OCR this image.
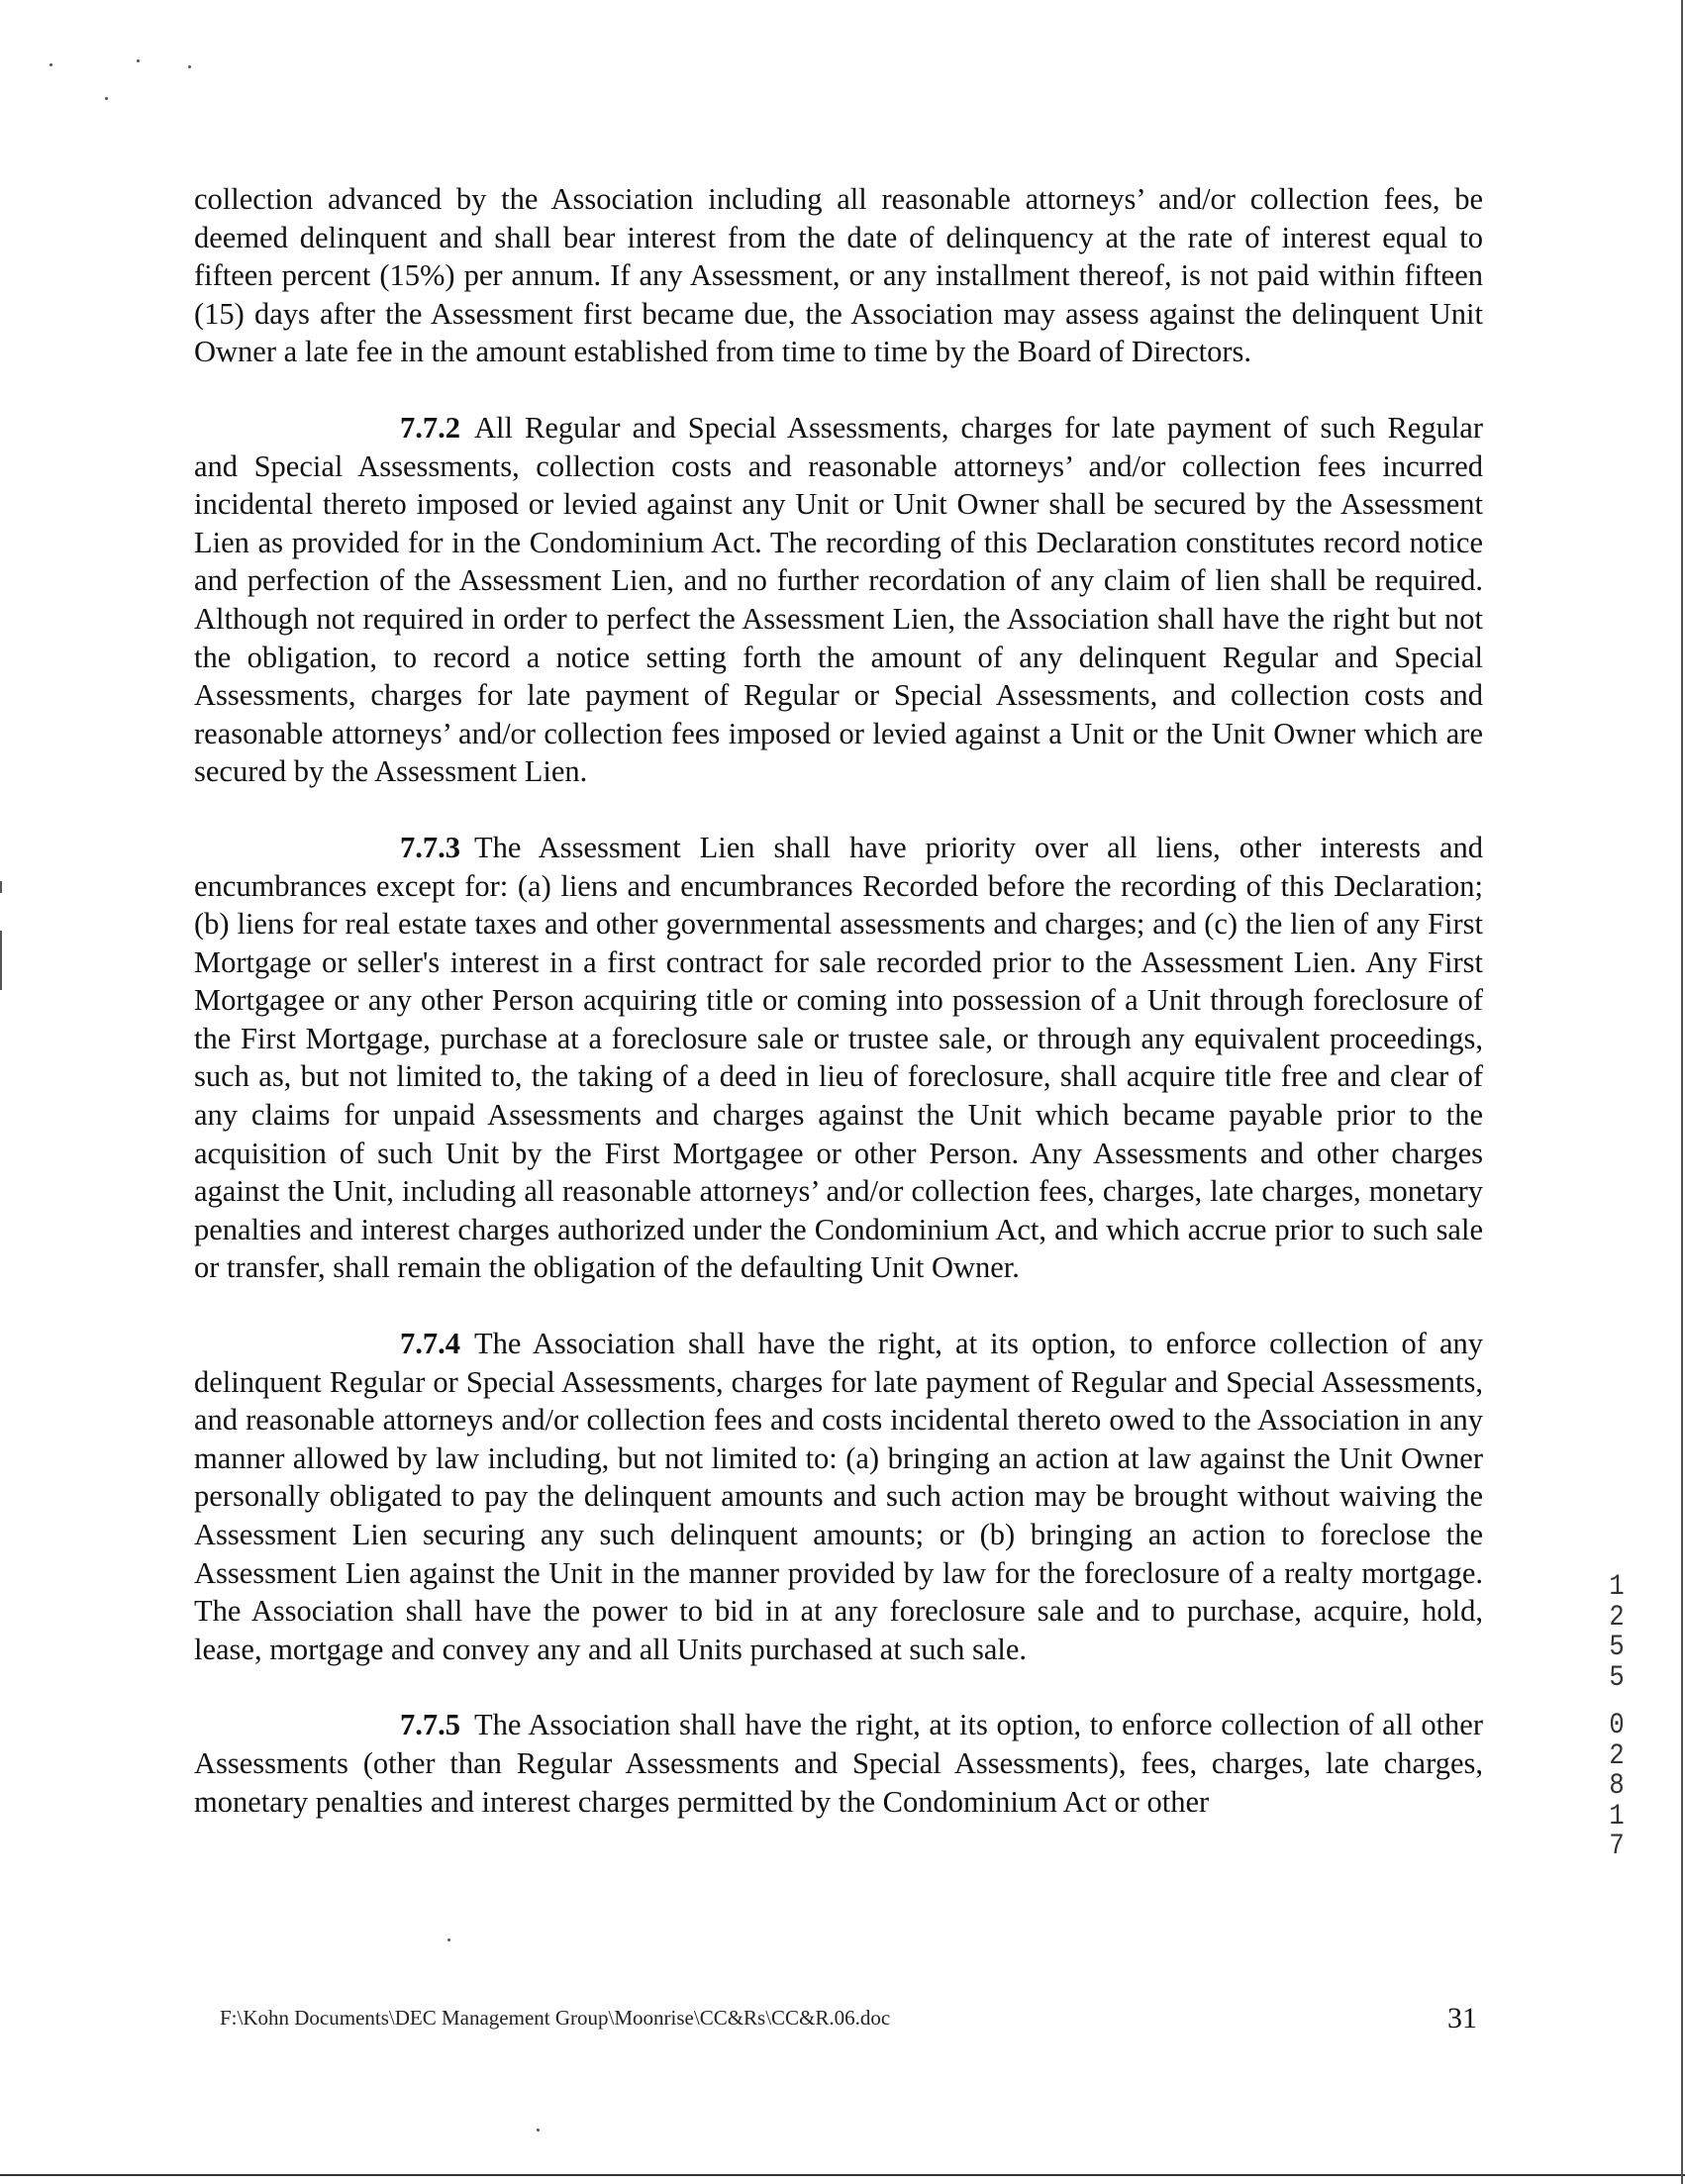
collection advanced by the Association including all reasonable attorneys’ and/or collection fees, be deemed delinquent and shall bear interest from the date of delinquency at the rate of interest equal to fifteen percent (15%) per annum. If any Assessment, or any installment thereof, is not paid within fifteen (15) days after the Assessment first became due, the Association may assess against the delinquent Unit Owner a late fee in the amount established from time to time by the Board of Directors.

7.7.2 All Regular and Special Assessments, charges for late payment of such Regular and Special Assessments, collection costs and reasonable attorneys’ and/or collection fees incurred incidental thereto imposed or levied against any Unit or Unit Owner shall be secured by the Assessment Lien as provided for in the Condominium Act. The recording of this Declaration constitutes record notice and perfection of the Assessment Lien, and no further recordation of any claim of lien shall be required. Although not required in order to perfect the Assessment Lien, the Association shall have the right but not the obligation, to record a notice setting forth the amount of any delinquent Regular and Special Assessments, charges for late payment of Regular or Special Assessments, and collection costs and reasonable attorneys’ and/or collection fees imposed or levied against a Unit or the Unit Owner which are secured by the Assessment Lien.

7.7.3 The Assessment Lien shall have priority over all liens, other interests and encumbrances except for: (a) liens and encumbrances Recorded before the recording of this Declaration; (b) liens for real estate taxes and other governmental assessments and charges; and (c) the lien of any First Mortgage or seller's interest in a first contract for sale recorded prior to the Assessment Lien. Any First Mortgagee or any other Person acquiring title or coming into possession of a Unit through foreclosure of the First Mortgage, purchase at a foreclosure sale or trustee sale, or through any equivalent proceedings, such as, but not limited to, the taking of a deed in lieu of foreclosure, shall acquire title free and clear of any claims for unpaid Assessments and charges against the Unit which became payable prior to the acquisition of such Unit by the First Mortgagee or other Person. Any Assessments and other charges against the Unit, including all reasonable attorneys’ and/or collection fees, charges, late charges, monetary penalties and interest charges authorized under the Condominium Act, and which accrue prior to such sale or transfer, shall remain the obligation of the defaulting Unit Owner.

7.7.4 The Association shall have the right, at its option, to enforce collection of any delinquent Regular or Special Assessments, charges for late payment of Regular and Special Assessments, and reasonable attorneys and/or collection fees and costs incidental thereto owed to the Association in any manner allowed by law including, but not limited to: (a) bringing an action at law against the Unit Owner personally obligated to pay the delinquent amounts and such action may be brought without waiving the Assessment Lien securing any such delinquent amounts; or (b) bringing an action to foreclose the Assessment Lien against the Unit in the manner provided by law for the foreclosure of a realty mortgage. The Association shall have the power to bid in at any foreclosure sale and to purchase, acquire, hold, lease, mortgage and convey any and all Units purchased at such sale.

7.7.5 The Association shall have the right, at its option, to enforce collection of all other Assessments (other than Regular Assessments and Special Assessments), fees, charges, late charges, monetary penalties and interest charges permitted by the Condominium Act or other

1
2
5
5
0
2
8
1
7
F:\Kohn Documents\DEC Management Group\Moonrise\CC&Rs\CC&R.06.doc	31
